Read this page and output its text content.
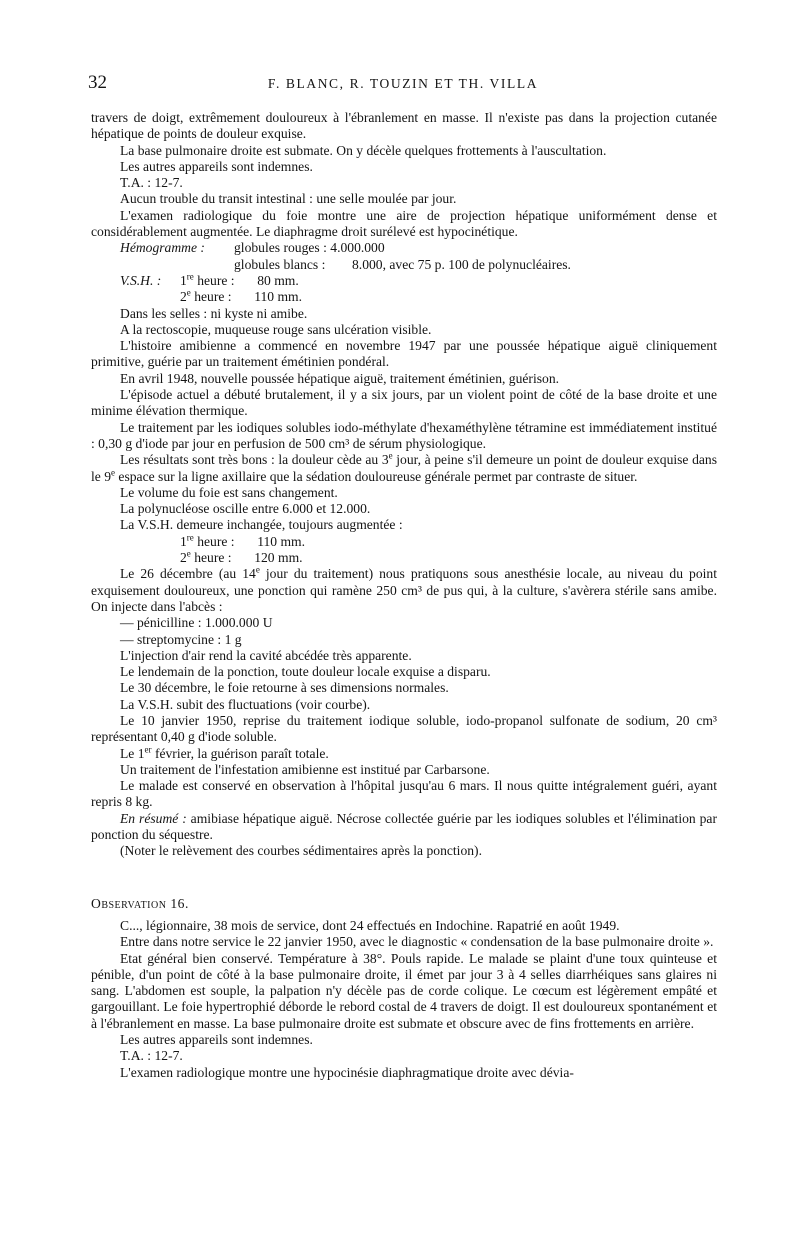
32	F. BLANC, R. TOUZIN ET TH. VILLA

travers de doigt, extrêmement douloureux à l'ébranlement en masse. Il n'existe pas dans la projection cutanée hépatique de points de douleur exquise.

La base pulmonaire droite est submate. On y décèle quelques frottements à l'auscultation.

Les autres appareils sont indemnes.

T.A. : 12-7.

Aucun trouble du transit intestinal : une selle moulée par jour.

L'examen radiologique du foie montre une aire de projection hépatique uniformément dense et considérablement augmentée. Le diaphragme droit surélevé est hypocinétique.

Hémogramme : globules rouges : 4.000.000
globules blancs : 8.000, avec 75 p. 100 de polynucléaires.
V.S.H. : 1re heure : 80 mm.
2e heure : 110 mm.

Dans les selles : ni kyste ni amibe.

A la rectoscopie, muqueuse rouge sans ulcération visible.

L'histoire amibienne a commencé en novembre 1947 par une poussée hépatique aiguë cliniquement primitive, guérie par un traitement émétinien pondéral.

En avril 1948, nouvelle poussée hépatique aiguë, traitement émétinien, guérison.

L'épisode actuel a débuté brutalement, il y a six jours, par un violent point de côté de la base droite et une minime élévation thermique.

Le traitement par les iodiques solubles iodo-méthylate d'hexaméthylène tétramine est immédiatement institué : 0,30 g d'iode par jour en perfusion de 500 cm³ de sérum physiologique.

Les résultats sont très bons : la douleur cède au 3e jour, à peine s'il demeure un point de douleur exquise dans le 9e espace sur la ligne axillaire que la sédation douloureuse générale permet par contraste de situer.

Le volume du foie est sans changement.

La polynucléose oscille entre 6.000 et 12.000.

La V.S.H. demeure inchangée, toujours augmentée :

1re heure : 110 mm.
2e heure : 120 mm.

Le 26 décembre (au 14e jour du traitement) nous pratiquons sous anesthésie locale, au niveau du point exquisement douloureux, une ponction qui ramène 250 cm³ de pus qui, à la culture, s'avèrera stérile sans amibe. On injecte dans l'abcès :

— pénicilline : 1.000.000 U
— streptomycine : 1 g

L'injection d'air rend la cavité abcédée très apparente.

Le lendemain de la ponction, toute douleur locale exquise a disparu.

Le 30 décembre, le foie retourne à ses dimensions normales.

La V.S.H. subit des fluctuations (voir courbe).

Le 10 janvier 1950, reprise du traitement iodique soluble, iodo-propanol sulfonate de sodium, 20 cm³ représentant 0,40 g d'iode soluble.

Le 1er février, la guérison paraît totale.

Un traitement de l'infestation amibienne est institué par Carbarsone.

Le malade est conservé en observation à l'hôpital jusqu'au 6 mars. Il nous quitte intégralement guéri, ayant repris 8 kg.

En résumé : amibiase hépatique aiguë. Nécrose collectée guérie par les iodiques solubles et l'élimination par ponction du séquestre.

(Noter le relèvement des courbes sédimentaires après la ponction).

Observation 16.

C..., légionnaire, 38 mois de service, dont 24 effectués en Indochine. Rapatrié en août 1949.

Entre dans notre service le 22 janvier 1950, avec le diagnostic « condensation de la base pulmonaire droite ».

Etat général bien conservé. Température à 38°. Pouls rapide. Le malade se plaint d'une toux quinteuse et pénible, d'un point de côté à la base pulmonaire droite, il émet par jour 3 à 4 selles diarrhéiques sans glaires ni sang. L'abdomen est souple, la palpation n'y décèle pas de corde colique. Le cœcum est légèrement empâté et gargouillant. Le foie hypertrophié déborde le rebord costal de 4 travers de doigt. Il est douloureux spontanément et à l'ébranlement en masse. La base pulmonaire droite est submate et obscure avec de fins frottements en arrière.

Les autres appareils sont indemnes.

T.A. : 12-7.

L'examen radiologique montre une hypocinésie diaphragmatique droite avec dévia-
